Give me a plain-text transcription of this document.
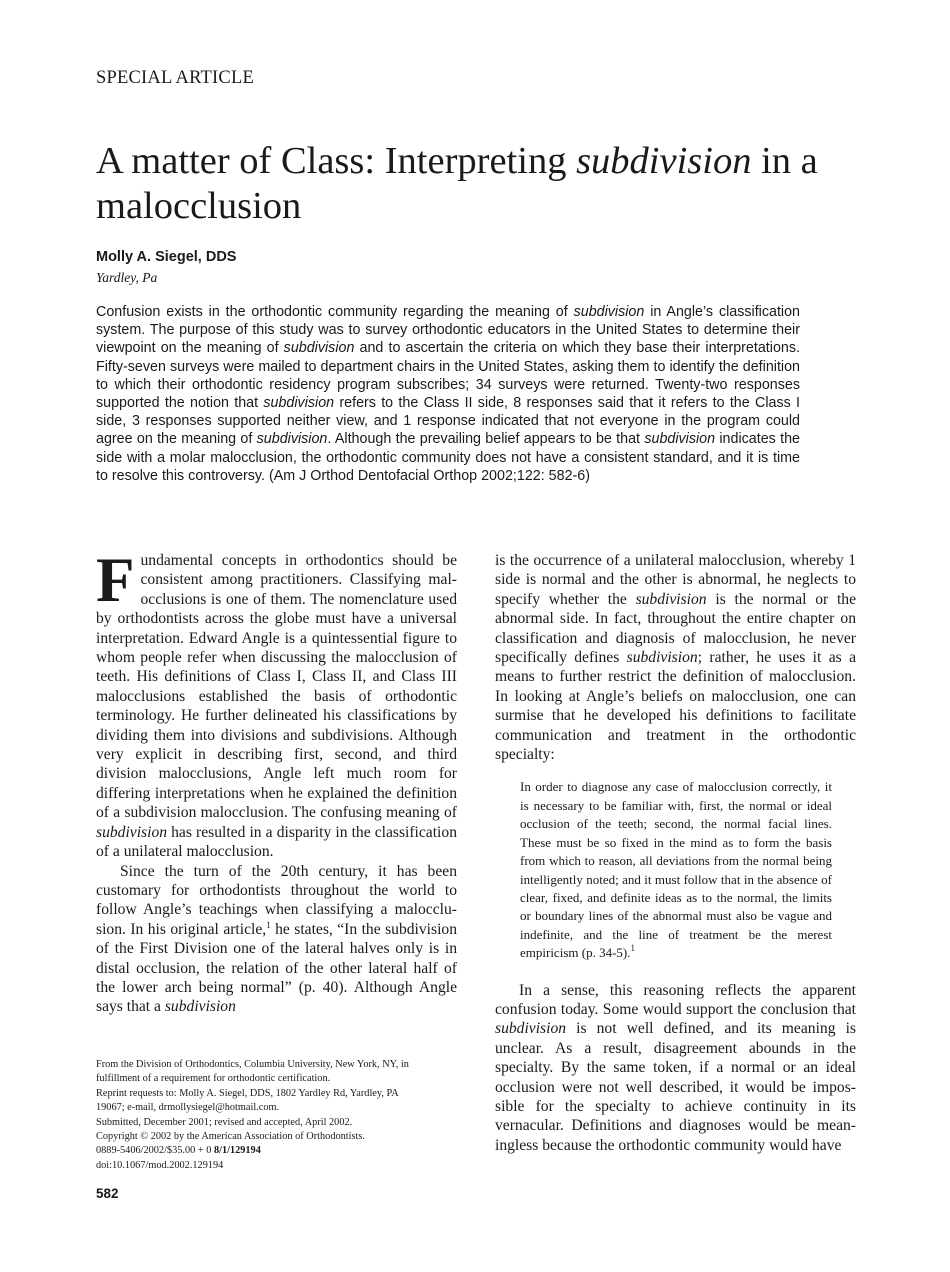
SPECIAL ARTICLE
A matter of Class: Interpreting subdivision in a malocclusion
Molly A. Siegel, DDS
Yardley, Pa

Confusion exists in the orthodontic community regarding the meaning of subdivision in Angle’s classification system. The purpose of this study was to survey orthodontic educators in the United States to determine their viewpoint on the meaning of subdivision and to ascertain the criteria on which they base their interpretations. Fifty-seven surveys were mailed to department chairs in the United States, asking them to identify the definition to which their orthodontic residency program subscribes; 34 surveys were returned. Twenty-two responses supported the notion that subdivision refers to the Class II side, 8 responses said that it refers to the Class I side, 3 responses supported neither view, and 1 response indicated that not everyone in the program could agree on the meaning of subdivision. Although the prevailing belief appears to be that subdivision indicates the side with a molar malocclusion, the orthodontic community does not have a consistent standard, and it is time to resolve this controversy. (Am J Orthod Dentofacial Orthop 2002;122: 582-6)

Fundamental concepts in orthodontics should be consistent among practitioners. Classifying malocclusions is one of them. The nomenclature used by orthodontists across the globe must have a universal interpretation. Edward Angle is a quintessential figure to whom people refer when discussing the malocclusion of teeth. His definitions of Class I, Class II, and Class III malocclusions established the basis of orthodontic terminology. He further delineated his classifications by dividing them into divisions and subdivisions. Although very explicit in describing first, second, and third division malocclusions, Angle left much room for differing interpretations when he explained the definition of a subdivision malocclusion. The confusing meaning of subdivision has resulted in a disparity in the classification of a unilateral malocclusion.

Since the turn of the 20th century, it has been customary for orthodontists throughout the world to follow Angle’s teachings when classifying a malocclusion. In his original article,$^1$ he states, “In the subdivision of the First Division one of the lateral halves only is in distal occlusion, the relation of the other lateral half of the lower arch being normal” (p. 40). Although Angle says that a subdivision

is the occurrence of a unilateral malocclusion, whereby 1 side is normal and the other is abnormal, he neglects to specify whether the subdivision is the normal or the abnormal side. In fact, throughout the entire chapter on classification and diagnosis of malocclusion, he never specifically defines subdivision; rather, he uses it as a means to further restrict the definition of malocclusion. In looking at Angle’s beliefs on malocclusion, one can surmise that he developed his definitions to facilitate communication and treatment in the orthodontic specialty:

In order to diagnose any case of malocclusion correctly, it is necessary to be familiar with, first, the normal or ideal occlusion of the teeth; second, the normal facial lines. These must be so fixed in the mind as to form the basis from which to reason, all deviations from the normal being intelligently noted; and it must follow that in the absence of clear, fixed, and definite ideas as to the normal, the limits or boundary lines of the abnormal must also be vague and indefinite, and the line of treatment be the merest empiricism (p. 34-5).$^1$

In a sense, this reasoning reflects the apparent confusion today. Some would support the conclusion that subdivision is not well defined, and its meaning is unclear. As a result, disagreement abounds in the specialty. By the same token, if a normal or an ideal occlusion were not well described, it would be impossible for the specialty to achieve continuity in its vernacular. Definitions and diagnoses would be meaningless because the orthodontic community would have

From the Division of Orthodontics, Columbia University, New York, NY, in
fulfillment of a requirement for orthodontic certification.
Reprint requests to: Molly A. Siegel, DDS, 1802 Yardley Rd, Yardley, PA
19067; e-mail, drmollysiegel@hotmail.com.
Submitted, December 2001; revised and accepted, April 2002.
Copyright © 2002 by the American Association of Orthodontists.
0889-5406/2002/$35.00 + 0 8/1/129194
doi:10.1067/mod.2002.129194
582
